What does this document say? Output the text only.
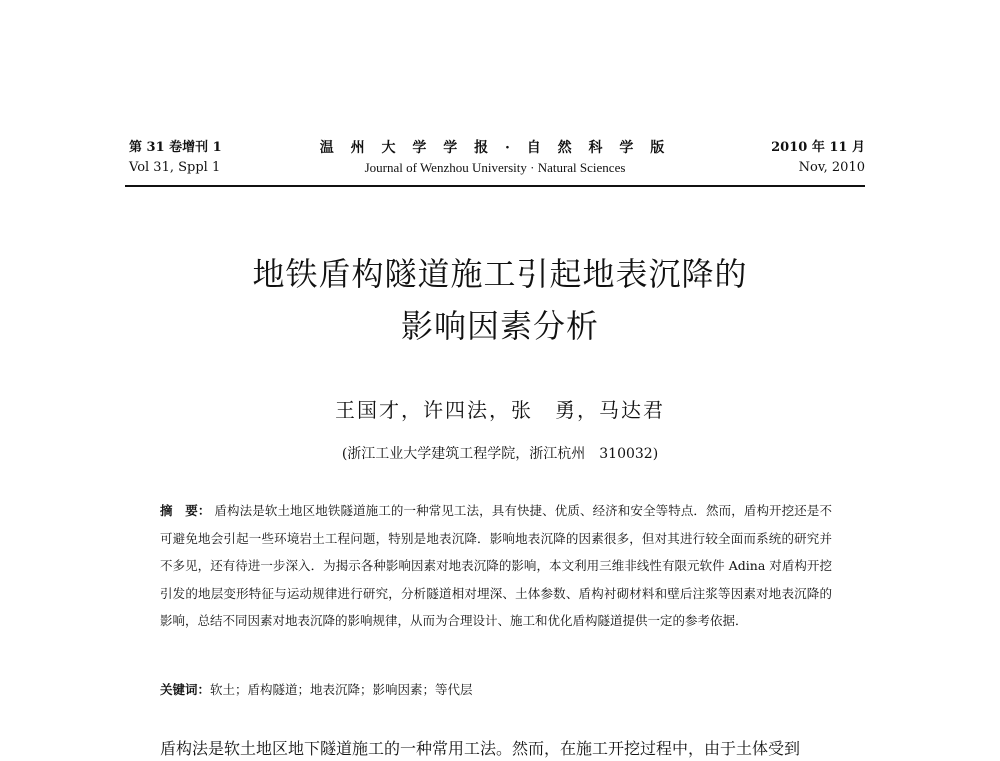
第 31 卷增刊 1
Vol 31, Sppl 1
温 州 大 学 学 报 · 自 然 科 学 版
Journal of Wenzhou University · Natural Sciences
2010 年 11 月
Nov, 2010
地铁盾构隧道施工引起地表沉降的
影响因素分析
王国才，许四法，张　勇，马达君
(浙江工业大学建筑工程学院，浙江杭州　310032)
摘　要： 盾构法是软土地区地铁隧道施工的一种常见工法，具有快捷、优质、经济和安全等特点．然而，盾构开挖还是不可避免地会引起一些环境岩土工程问题，特别是地表沉降．影响地表沉降的因素很多，但对其进行较全面而系统的研究并不多见，还有待进一步深入．为揭示各种影响因素对地表沉降的影响，本文利用三维非线性有限元软件 Adina 对盾构开挖引发的地层变形特征与运动规律进行研究，分析隧道相对埋深、土体参数、盾构衬砌材料和壁后注浆等因素对地表沉降的影响，总结不同因素对地表沉降的影响规律，从而为合理设计、施工和优化盾构隧道提供一定的参考依据．
关键词：软土；盾构隧道；地表沉降；影响因素；等代层
盾构法是软土地区地下隧道施工的一种常用工法。然而，在施工开挖过程中，由于土体受到
